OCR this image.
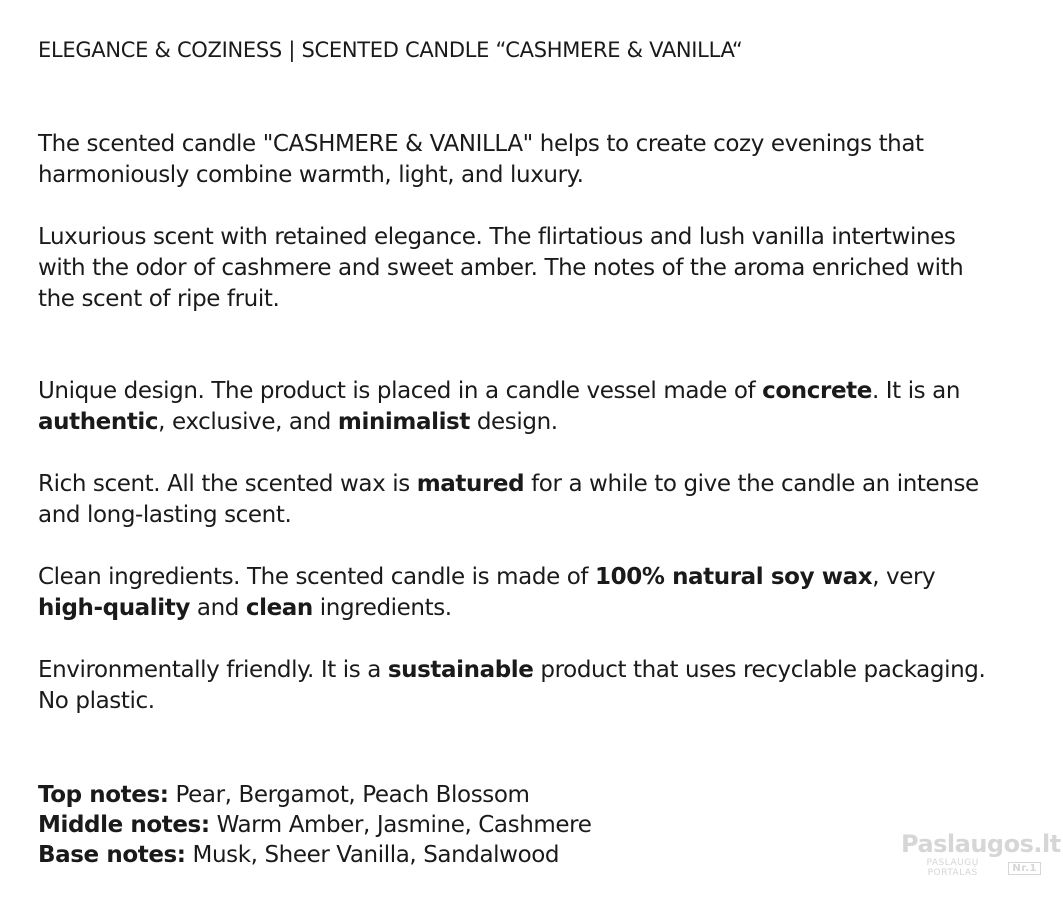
ELEGANCE & COZINESS | SCENTED CANDLE “CASHMERE & VANILLA“

The scented candle "CASHMERE & VANILLA" helps to create cozy evenings that harmoniously combine warmth, light, and luxury.

Luxurious scent with retained elegance. The flirtatious and lush vanilla intertwines with the odor of cashmere and sweet amber. The notes of the aroma enriched with the scent of ripe fruit.

Unique design. The product is placed in a candle vessel made of concrete. It is an authentic, exclusive, and minimalist design.

Rich scent. All the scented wax is matured for a while to give the candle an intense and long-lasting scent.

Clean ingredients. The scented candle is made of 100% natural soy wax, very high-quality and clean ingredients.

Environmentally friendly. It is a sustainable product that uses recyclable packaging. No plastic.

Top notes: Pear, Bergamot, Peach Blossom
Middle notes: Warm Amber, Jasmine, Cashmere
Base notes: Musk, Sheer Vanilla, Sandalwood	Paslaugos.lt
PASLAUGŲ PORTALAS	Nr.1
